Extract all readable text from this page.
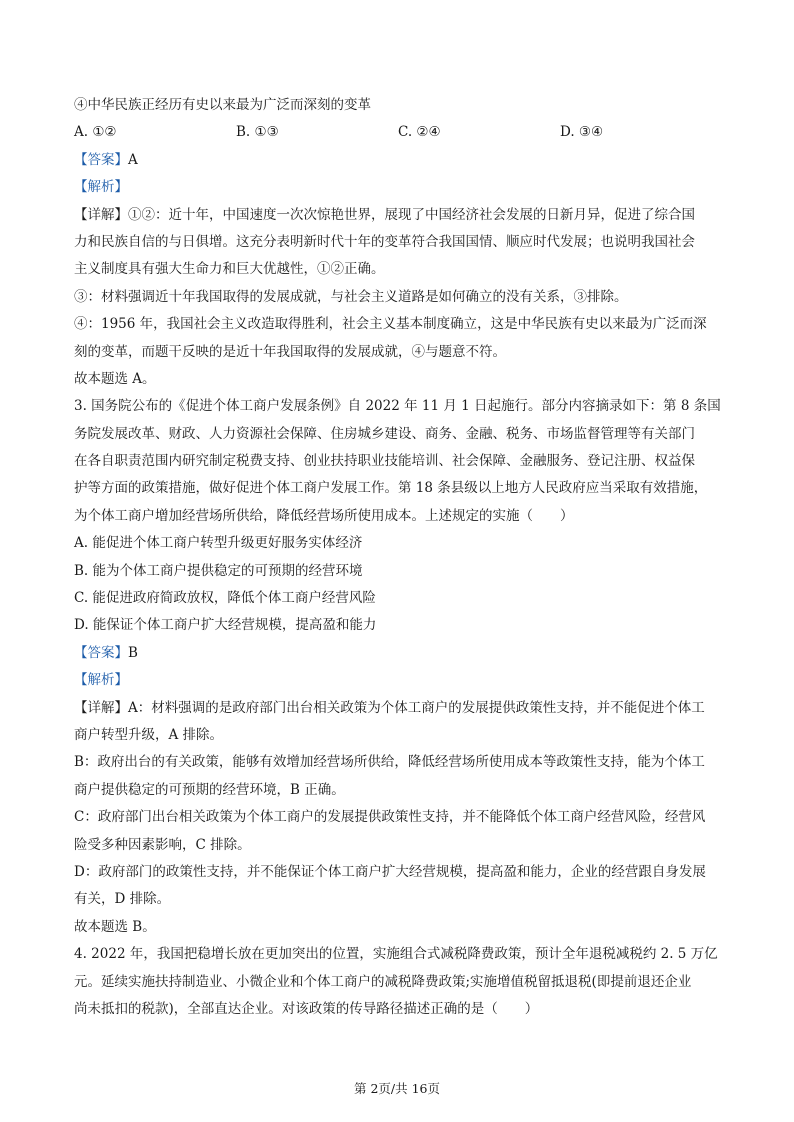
④中华民族正经历有史以来最为广泛而深刻的变革
A. ①②	B. ①③	C. ②④	D. ③④
【答案】A
【解析】
【详解】①②：近十年，中国速度一次次惊艳世界，展现了中国经济社会发展的日新月异，促进了综合国
力和民族自信的与日俱增。这充分表明新时代十年的变革符合我国国情、顺应时代发展；也说明我国社会
主义制度具有强大生命力和巨大优越性，①②正确。
③：材料强调近十年我国取得的发展成就，与社会主义道路是如何确立的没有关系，③排除。
④：1956 年，我国社会主义改造取得胜利，社会主义基本制度确立，这是中华民族有史以来最为广泛而深
刻的变革，而题干反映的是近十年我国取得的发展成就，④与题意不符。
故本题选 A。
3. 国务院公布的《促进个体工商户发展条例》自 2022 年 11 月 1 日起施行。部分内容摘录如下：第 8 条国
务院发展改革、财政、人力资源社会保障、住房城乡建设、商务、金融、税务、市场监督管理等有关部门
在各自职责范围内研究制定税费支持、创业扶持职业技能培训、社会保障、金融服务、登记注册、权益保
护等方面的政策措施，做好促进个体工商户发展工作。第 18 条县级以上地方人民政府应当采取有效措施，
为个体工商户增加经营场所供给，降低经营场所使用成本。上述规定的实施（　　）
A. 能促进个体工商户转型升级更好服务实体经济
B. 能为个体工商户提供稳定的可预期的经营环境
C. 能促进政府简政放权，降低个体工商户经营风险
D. 能保证个体工商户扩大经营规模，提高盈和能力
【答案】B
【解析】
【详解】A：材料强调的是政府部门出台相关政策为个体工商户的发展提供政策性支持，并不能促进个体工
商户转型升级，A 排除。
B：政府出台的有关政策，能够有效增加经营场所供给，降低经营场所使用成本等政策性支持，能为个体工
商户提供稳定的可预期的经营环境，B 正确。
C：政府部门出台相关政策为个体工商户的发展提供政策性支持，并不能降低个体工商户经营风险，经营风
险受多种因素影响，C 排除。
D：政府部门的政策性支持，并不能保证个体工商户扩大经营规模，提高盈和能力，企业的经营跟自身发展
有关，D 排除。
故本题选 B。
4. 2022 年，我国把稳增长放在更加突出的位置，实施组合式减税降费政策，预计全年退税减税约 2. 5 万亿
元。延续实施扶持制造业、小微企业和个体工商户的减税降费政策;实施增值税留抵退税(即提前退还企业
尚未抵扣的税款)，全部直达企业。对该政策的传导路径描述正确的是（　　）
第 2页/共 16页
